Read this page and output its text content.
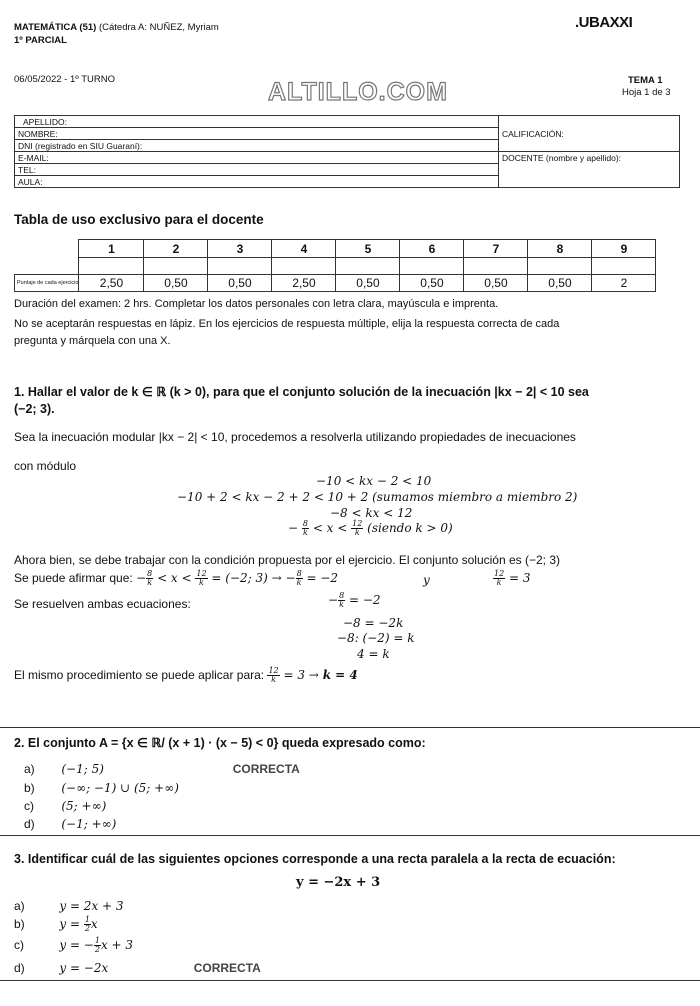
MATEMÁTICA (51) (Cátedra A: NUÑEZ, Myriam
1º PARCIAL
.UBAXXI
06/05/2022 - 1º TURNO	ALTILLO.COM	TEMA 1
Hoja 1 de 3
APELLIDO:	CALIFICACIÓN:
NOMBRE:	
DNI (registrado en SIU Guaraní):	
E-MAIL:	DOCENTE (nombre y apellido):
TEL:	
AULA:	
Tabla de uso exclusivo para el docente
	1	2	3	4	5	6	7	8	9

Puntaje de cada ejercicio	2,50	0,50	0,50	2,50	0,50	0,50	0,50	0,50	2
Duración del examen: 2 hrs. Completar los datos personales con letra clara, mayúscula e imprenta.
No se aceptarán respuestas en lápiz. En los ejercicios de respuesta múltiple, elija la respuesta correcta de cada
pregunta y márquela con una X.
1. Hallar el valor de k ∈ ℝ (k > 0), para que el conjunto solución de la inecuación |kx − 2| < 10 sea
(−2; 3).
Sea la inecuación modular |kx − 2| < 10, procedemos a resolverla utilizando propiedades de inecuaciones
con módulo
−10 < kx − 2 < 10
−10 + 2 < kx − 2 + 2 < 10 + 2 (sumamos miembro a miembro 2)
−8 < kx < 12
− $\frac{8}{k} < x < \frac{12}{k}$ (siendo k > 0)
Ahora bien, se debe trabajar con la condición propuesta por el ejercicio. El conjunto solución es (−2; 3)
Se puede afirmar que: − $\frac{8}{k} < x < \frac{12}{k} = (-2$; 3) → − $\frac{8}{k} = -2$	y	$\frac{12}{k} = 3$
Se resuelven ambas ecuaciones:	− $\frac{8}{k} = -2$
−8 = −2k
−8: (−2) = k
4 = k
El mismo procedimiento se puede aplicar para: $\frac{12}{k} = 3 \to k = 4$
2. El conjunto A = {x ∈ ℝ/ (x + 1) · (x − 5) < 0} queda expresado como:
a) (−1; 5)	CORRECTA
b) (−∞; −1) ∪ (5; +∞)
c) (5; +∞)
d) (−1; +∞)
3. Identificar cuál de las siguientes opciones corresponde a una recta paralela a la recta de ecuación:
y = −2x + 3
a)	y = 2x + 3
b)	$y = \frac{1}{2}$ x
c)	y = − $\frac{1}{2}$ x + 3
d)	y = −2x	CORRECTA
